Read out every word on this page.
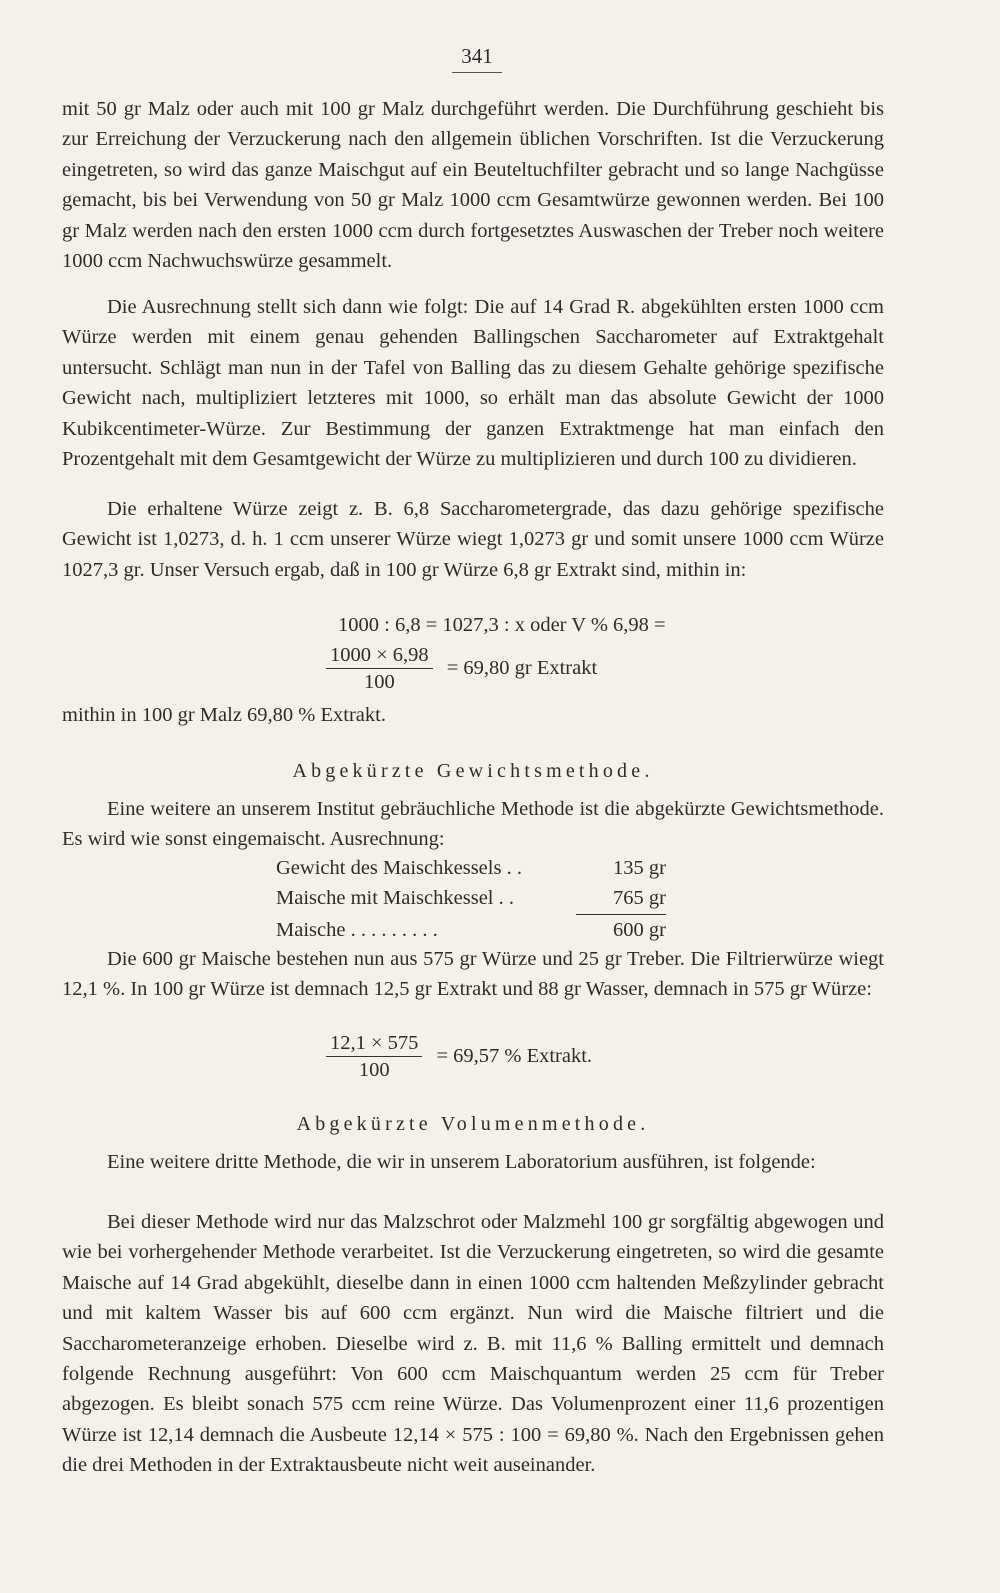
341

mit 50 gr Malz oder auch mit 100 gr Malz durchgeführt werden. Die Durchführung geschieht bis zur Erreichung der Verzuckerung nach den allgemein üblichen Vorschriften. Ist die Verzuckerung eingetreten, so wird das ganze Maischgut auf ein Beuteltuchfilter gebracht und so lange Nachgüsse gemacht, bis bei Verwendung von 50 gr Malz 1000 ccm Gesamtwürze gewonnen werden. Bei 100 gr Malz werden nach den ersten 1000 ccm durch fortgesetztes Auswaschen der Treber noch weitere 1000 ccm Nachwuchswürze gesammelt.

Die Ausrechnung stellt sich dann wie folgt: Die auf 14 Grad R. abgekühlten ersten 1000 ccm Würze werden mit einem genau gehenden Ballingschen Saccharometer auf Extraktgehalt untersucht. Schlägt man nun in der Tafel von Balling das zu diesem Gehalte gehörige spezifische Gewicht nach, multipliziert letzteres mit 1000, so erhält man das absolute Gewicht der 1000 Kubikcentimeter-Würze. Zur Bestimmung der ganzen Extraktmenge hat man einfach den Prozentgehalt mit dem Gesamtgewicht der Würze zu multiplizieren und durch 100 zu dividieren.

Die erhaltene Würze zeigt z. B. 6,8 Saccharometergrade, das dazu gehörige spezifische Gewicht ist 1,0273, d. h. 1 ccm unserer Würze wiegt 1,0273 gr und somit unsere 1000 ccm Würze 1027,3 gr. Unser Versuch ergab, daß in 100 gr Würze 6,8 gr Extrakt sind, mithin in:

1000 : 6,8 = 1027,3 : x oder V % 6,98 =
$\frac{1000 \times 6,98}{100} = 69,80$ gr Extrakt

mithin in 100 gr Malz 69,80 % Extrakt.

Abgekürzte Gewichtsmethode.

Eine weitere an unserem Institut gebräuchliche Methode ist die abgekürzte Gewichtsmethode. Es wird wie sonst eingemaischt. Ausrechnung:

Gewicht des Maischkessels . .	135 gr
Maische mit Maischkessel . .	765 gr
Maische . . . . . . . . .	600 gr

Die 600 gr Maische bestehen nun aus 575 gr Würze und 25 gr Treber. Die Filtrierwürze wiegt 12,1 %. In 100 gr Würze ist demnach 12,5 gr Extrakt und 88 gr Wasser, demnach in 575 gr Würze:

$\frac{12,1 \times 575}{100} = 69,57$ % Extrakt.

Abgekürzte Volumenmethode.

Eine weitere dritte Methode, die wir in unserem Laboratorium ausführen, ist folgende:

Bei dieser Methode wird nur das Malzschrot oder Malzmehl 100 gr sorgfältig abgewogen und wie bei vorhergehender Methode verarbeitet. Ist die Verzuckerung eingetreten, so wird die gesamte Maische auf 14 Grad abgekühlt, dieselbe dann in einen 1000 ccm haltenden Meßzylinder gebracht und mit kaltem Wasser bis auf 600 ccm ergänzt. Nun wird die Maische filtriert und die Saccharometeranzeige erhoben. Dieselbe wird z. B. mit 11,6 % Balling ermittelt und demnach folgende Rechnung ausgeführt: Von 600 ccm Maischquantum werden 25 ccm für Treber abgezogen. Es bleibt sonach 575 ccm reine Würze. Das Volumenprozent einer 11,6 prozentigen Würze ist 12,14 demnach die Ausbeute 12,14 × 575 : 100 = 69,80 %. Nach den Ergebnissen gehen die drei Methoden in der Extraktausbeute nicht weit auseinander.
